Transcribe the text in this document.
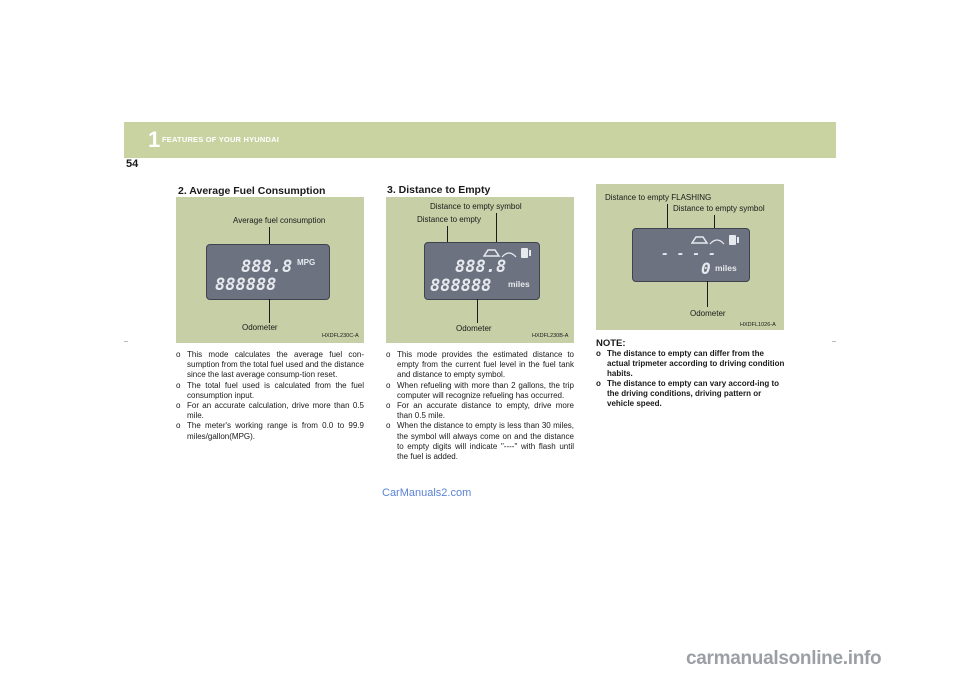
1 FEATURES OF YOUR HYUNDAI
54
2. Average Fuel Consumption
Average fuel consumption
888.8 MPG
888888
Odometer
HXDFL230C-A
o This mode calculates the average fuel con-sumption from the total fuel used and the distance since the last average consump-tion reset.
o The total fuel used is calculated from the fuel consumption input.
o For an accurate calculation, drive more than 0.5 mile.
o The meter's working range is from 0.0 to 99.9 miles/gallon(MPG).
3. Distance to Empty
Distance to empty symbol
Distance to empty
888.8
888888 miles
Odometer
HXDFL230B-A
o This mode provides the estimated distance to empty from the current fuel level in the fuel tank and distance to empty symbol.
o When refueling with more than 2 gallons, the trip computer will recognize refueling has occurred.
o For an accurate distance to empty, drive more than 0.5 mile.
o When the distance to empty is less than 30 miles, the symbol will always come on and the distance to empty digits will indicate "----" with flash until the fuel is added.
Distance to empty FLASHING
Distance to empty symbol
- - - -
0 miles
Odometer
HXDFL1026-A
NOTE:
o The distance to empty can differ from the actual tripmeter according to driving condition habits.
o The distance to empty can vary accord-ing to the driving conditions, driving pattern or vehicle speed.
CarManuals2.com
carmanualsonline.info
